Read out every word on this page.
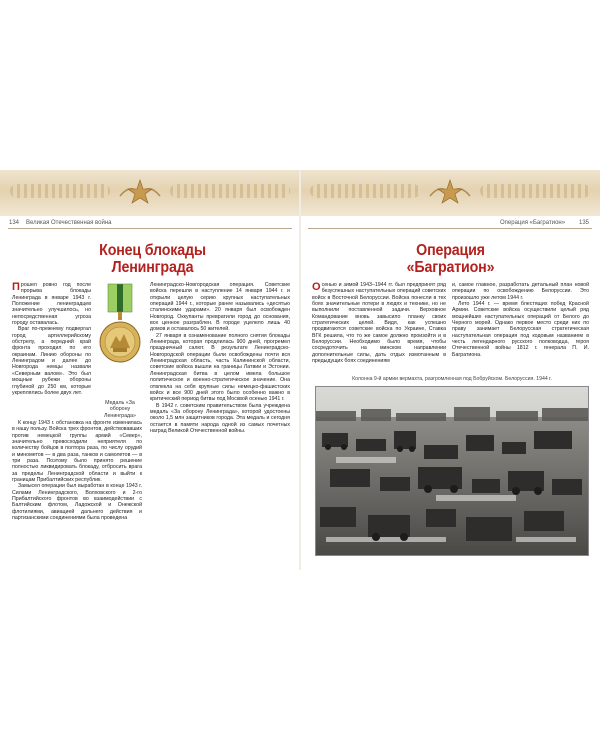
134 Великая Отечественная война
Конец блокады
Ленинграда

Прошел ровно год после прорыва блокады Ленинграда в январе 1943 г. Положение ленинградцев значительно улучшилось, но непосредственная угроза городу оставалась.

Враг по-прежнему подвергал город артиллерийскому обстрелу, а передний край фронта проходил по его окраинам. Линию обороны по Ленинградом и далее до Новгорода немцы назвали «Северным валом». Это был мощные рубежи обороны глубиной до 250 км, которые укреплялись более двух лет.

К концу 1943 г. обстановка на фронте изменилась в нашу пользу. Войска трех фронтов, действовавших против немецкой группы армий «Север», значительно превосходили неприятеля по количеству бойцов в полтора раза, по числу орудий и минометов — в два раза, танков и самолетов — в три раза. Поэтому было принято решение полностью ликвидировать блокаду, отбросить врага за пределы Ленинградской области и выйти к границам Прибалтийских республик.

Замысел операции был выработан в конце 1943 г. Силами Ленинградского, Волховского и 2-го Прибалтийского фронтов во взаимодействии с Балтийским флотом, Ладожской и Онежской флотилиями, авиацией дальнего действия и партизанскими соединениями была проведена

Медаль «За оборону Ленинграда»

Ленинградско-Новгородская операция. Советские войска перешли в наступление 14 января 1944 г. и открыли целую серию крупных наступательных операций 1944 г., которые ранее назывались «десятью сталинскими ударами». 20 января был освобожден Новгород. Оккупанты превратили город до основания, все ценное разграблен. В городе уцелело лишь 40 домов и оставалось 50 жителей.

27 января в ознаменование полного снятия блокады Ленинграда, которая продлилась 900 дней, прогремел праздничный салют. В результате Ленинградско-Новгородской операции были освобождены почти вся Ленинградская область, часть Калининской области, советские войска вышли на границы Латвии и Эстонии. Ленинградская битва в целом имела большое политическое и военно-стратегическое значение. Она отвлекла на себя крупные силы немецко-фашистских войск и все 900 дней этого было особенно важно в критический период битвы под Москвой осенью 1941 г.

В 1942 г. советским правительством была учреждена медаль «За оборону Ленинграда», которой удостоены около 1,5 млн защитников города. Эта медаль и сегодня остается в памяти народа одной из самых почетных наград Великой Отечественной войны.

Операция «Багратион» 135
Операция
«Багратион»

Осенью и зимой 1943–1944 гг. был предпринят ряд безуспешных наступательных операций советских войск в Восточной Белоруссии. Войска понесли в тех боях значительные потери в людях и технике, но не выполнили поставленной задачи. Верховное Командование вновь завысило планку своих стратегических целей. Видя, как успешно продвигаются советские войска по Украине, Ставка ВГК решила, что то же самое должно произойти и в Белоруссии. Необходимо было время, чтобы сосредоточить на минском направлении дополнительные силы, дать отдых измотанным в предыдущих боях соединениям

и, самое главное, разработать детальный план новой операции по освобождению Белоруссии. Это произошло уже летом 1944 г.

Лето 1944 г. — время блестящих побед Красной Армии. Советские войска осуществили целый ряд мощнейших наступательных операций от Белого до Черного морей. Однако первое место среди них по праву занимает Белорусская стратегическая наступательная операция под кодовым названием в честь легендарного русского полководца, героя Отечественной войны 1812 г. генерала П. И. Багратиона.

Колонна 9-й армии вермахта, разгромленная под Бобруйском. Белоруссия. 1944 г.
